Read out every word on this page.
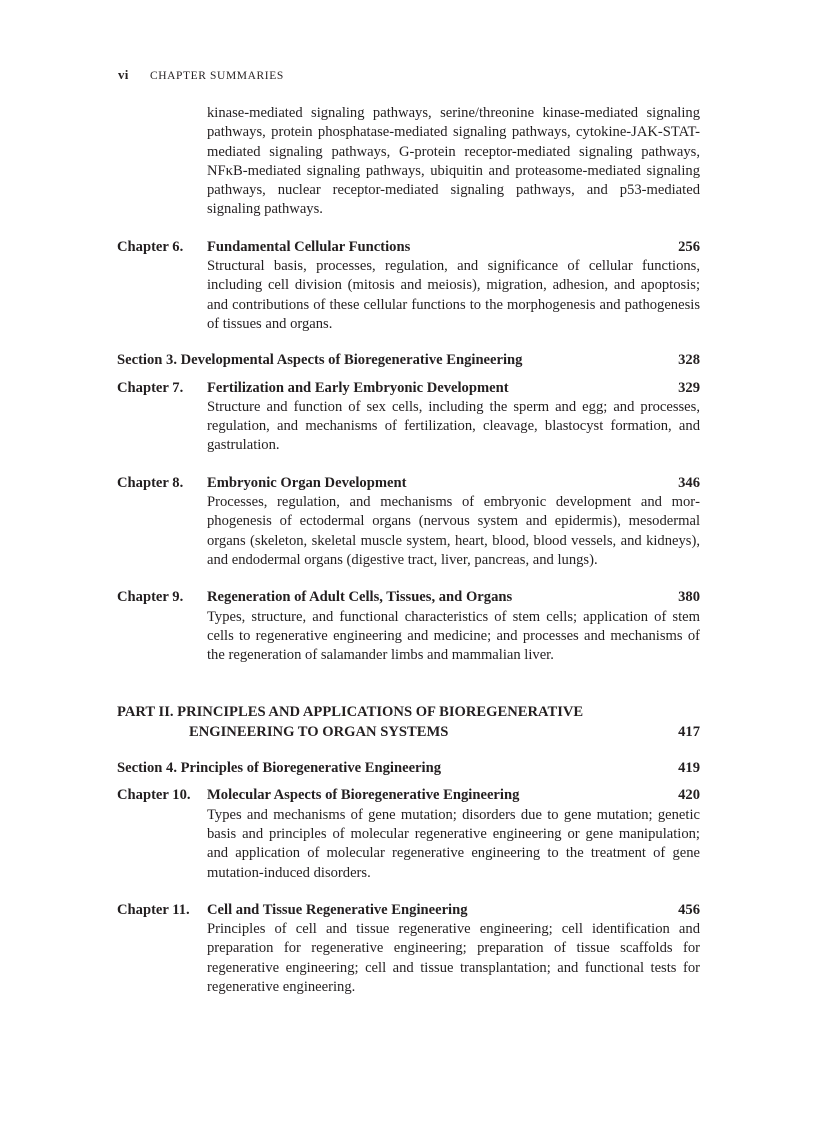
vi CHAPTER SUMMARIES
kinase-mediated signaling pathways, serine/threonine kinase-mediated signaling pathways, protein phosphatase-mediated signaling pathways, cytokine-JAK-STAT-mediated signaling pathways, G-protein receptor-mediated signaling pathways, NFκB-mediated signaling pathways, ubiquitin and proteasome-mediated signaling pathways, nuclear receptor-mediated signaling pathways, and p53-mediated signaling pathways.
Chapter 6.	Fundamental Cellular Functions	256
Structural basis, processes, regulation, and significance of cellular functions, including cell division (mitosis and meiosis), migration, adhesion, and apoptosis; and contributions of these cellular functions to the morphogenesis and pathogenesis of tissues and organs.
Section 3. Developmental Aspects of Bioregenerative Engineering	328
Chapter 7.	Fertilization and Early Embryonic Development	329
Structure and function of sex cells, including the sperm and egg; and processes, regulation, and mechanisms of fertilization, cleavage, blastocyst formation, and gastrulation.
Chapter 8.	Embryonic Organ Development	346
Processes, regulation, and mechanisms of embryonic development and morphogenesis of ectodermal organs (nervous system and epidermis), mesodermal organs (skeleton, skeletal muscle system, heart, blood, blood vessels, and kidneys), and endodermal organs (digestive tract, liver, pancreas, and lungs).
Chapter 9.	Regeneration of Adult Cells, Tissues, and Organs	380
Types, structure, and functional characteristics of stem cells; application of stem cells to regenerative engineering and medicine; and processes and mechanisms of the regeneration of salamander limbs and mammalian liver.
PART II. PRINCIPLES AND APPLICATIONS OF BIOREGENERATIVE
ENGINEERING TO ORGAN SYSTEMS	417
Section 4. Principles of Bioregenerative Engineering	419
Chapter 10.	Molecular Aspects of Bioregenerative Engineering	420
Types and mechanisms of gene mutation; disorders due to gene mutation; genetic basis and principles of molecular regenerative engineering or gene manipulation; and application of molecular regenerative engineering to the treatment of gene mutation-induced disorders.
Chapter 11.	Cell and Tissue Regenerative Engineering	456
Principles of cell and tissue regenerative engineering; cell identification and preparation for regenerative engineering; preparation of tissue scaffolds for regenerative engineering; cell and tissue transplantation; and functional tests for regenerative engineering.
